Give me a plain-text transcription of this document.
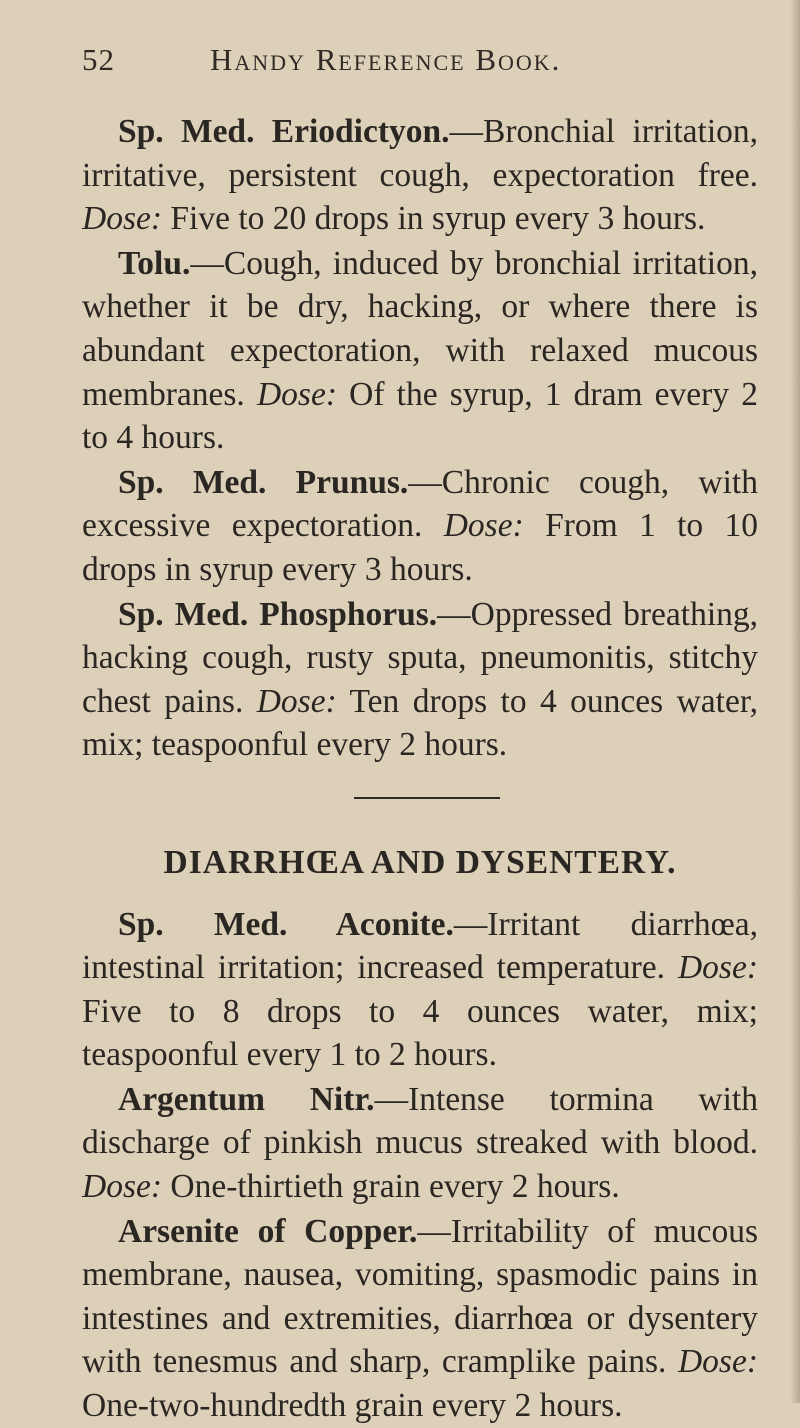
52	Handy Reference Book.

Sp. Med. Eriodictyon.—Bronchial irritation, irritative, persistent cough, expectoration free. Dose: Five to 20 drops in syrup every 3 hours.

Tolu.—Cough, induced by bronchial irritation, whether it be dry, hacking, or where there is abundant expectoration, with relaxed mucous membranes. Dose: Of the syrup, 1 dram every 2 to 4 hours.

Sp. Med. Prunus.—Chronic cough, with excessive expectoration. Dose: From 1 to 10 drops in syrup every 3 hours.

Sp. Med. Phosphorus.—Oppressed breathing, hacking cough, rusty sputa, pneumonitis, stitchy chest pains. Dose: Ten drops to 4 ounces water, mix; teaspoonful every 2 hours.

DIARRHŒA AND DYSENTERY.

Sp. Med. Aconite.—Irritant diarrhœa, intestinal irritation; increased temperature. Dose: Five to 8 drops to 4 ounces water, mix; teaspoonful every 1 to 2 hours.

Argentum Nitr.—Intense tormina with discharge of pinkish mucus streaked with blood. Dose: One-thirtieth grain every 2 hours.

Arsenite of Copper.—Irritability of mucous membrane, nausea, vomiting, spasmodic pains in intestines and extremities, diarrhœa or dysentery with tenesmus and sharp, cramplike pains. Dose: One-two-hundredth grain every 2 hours.
